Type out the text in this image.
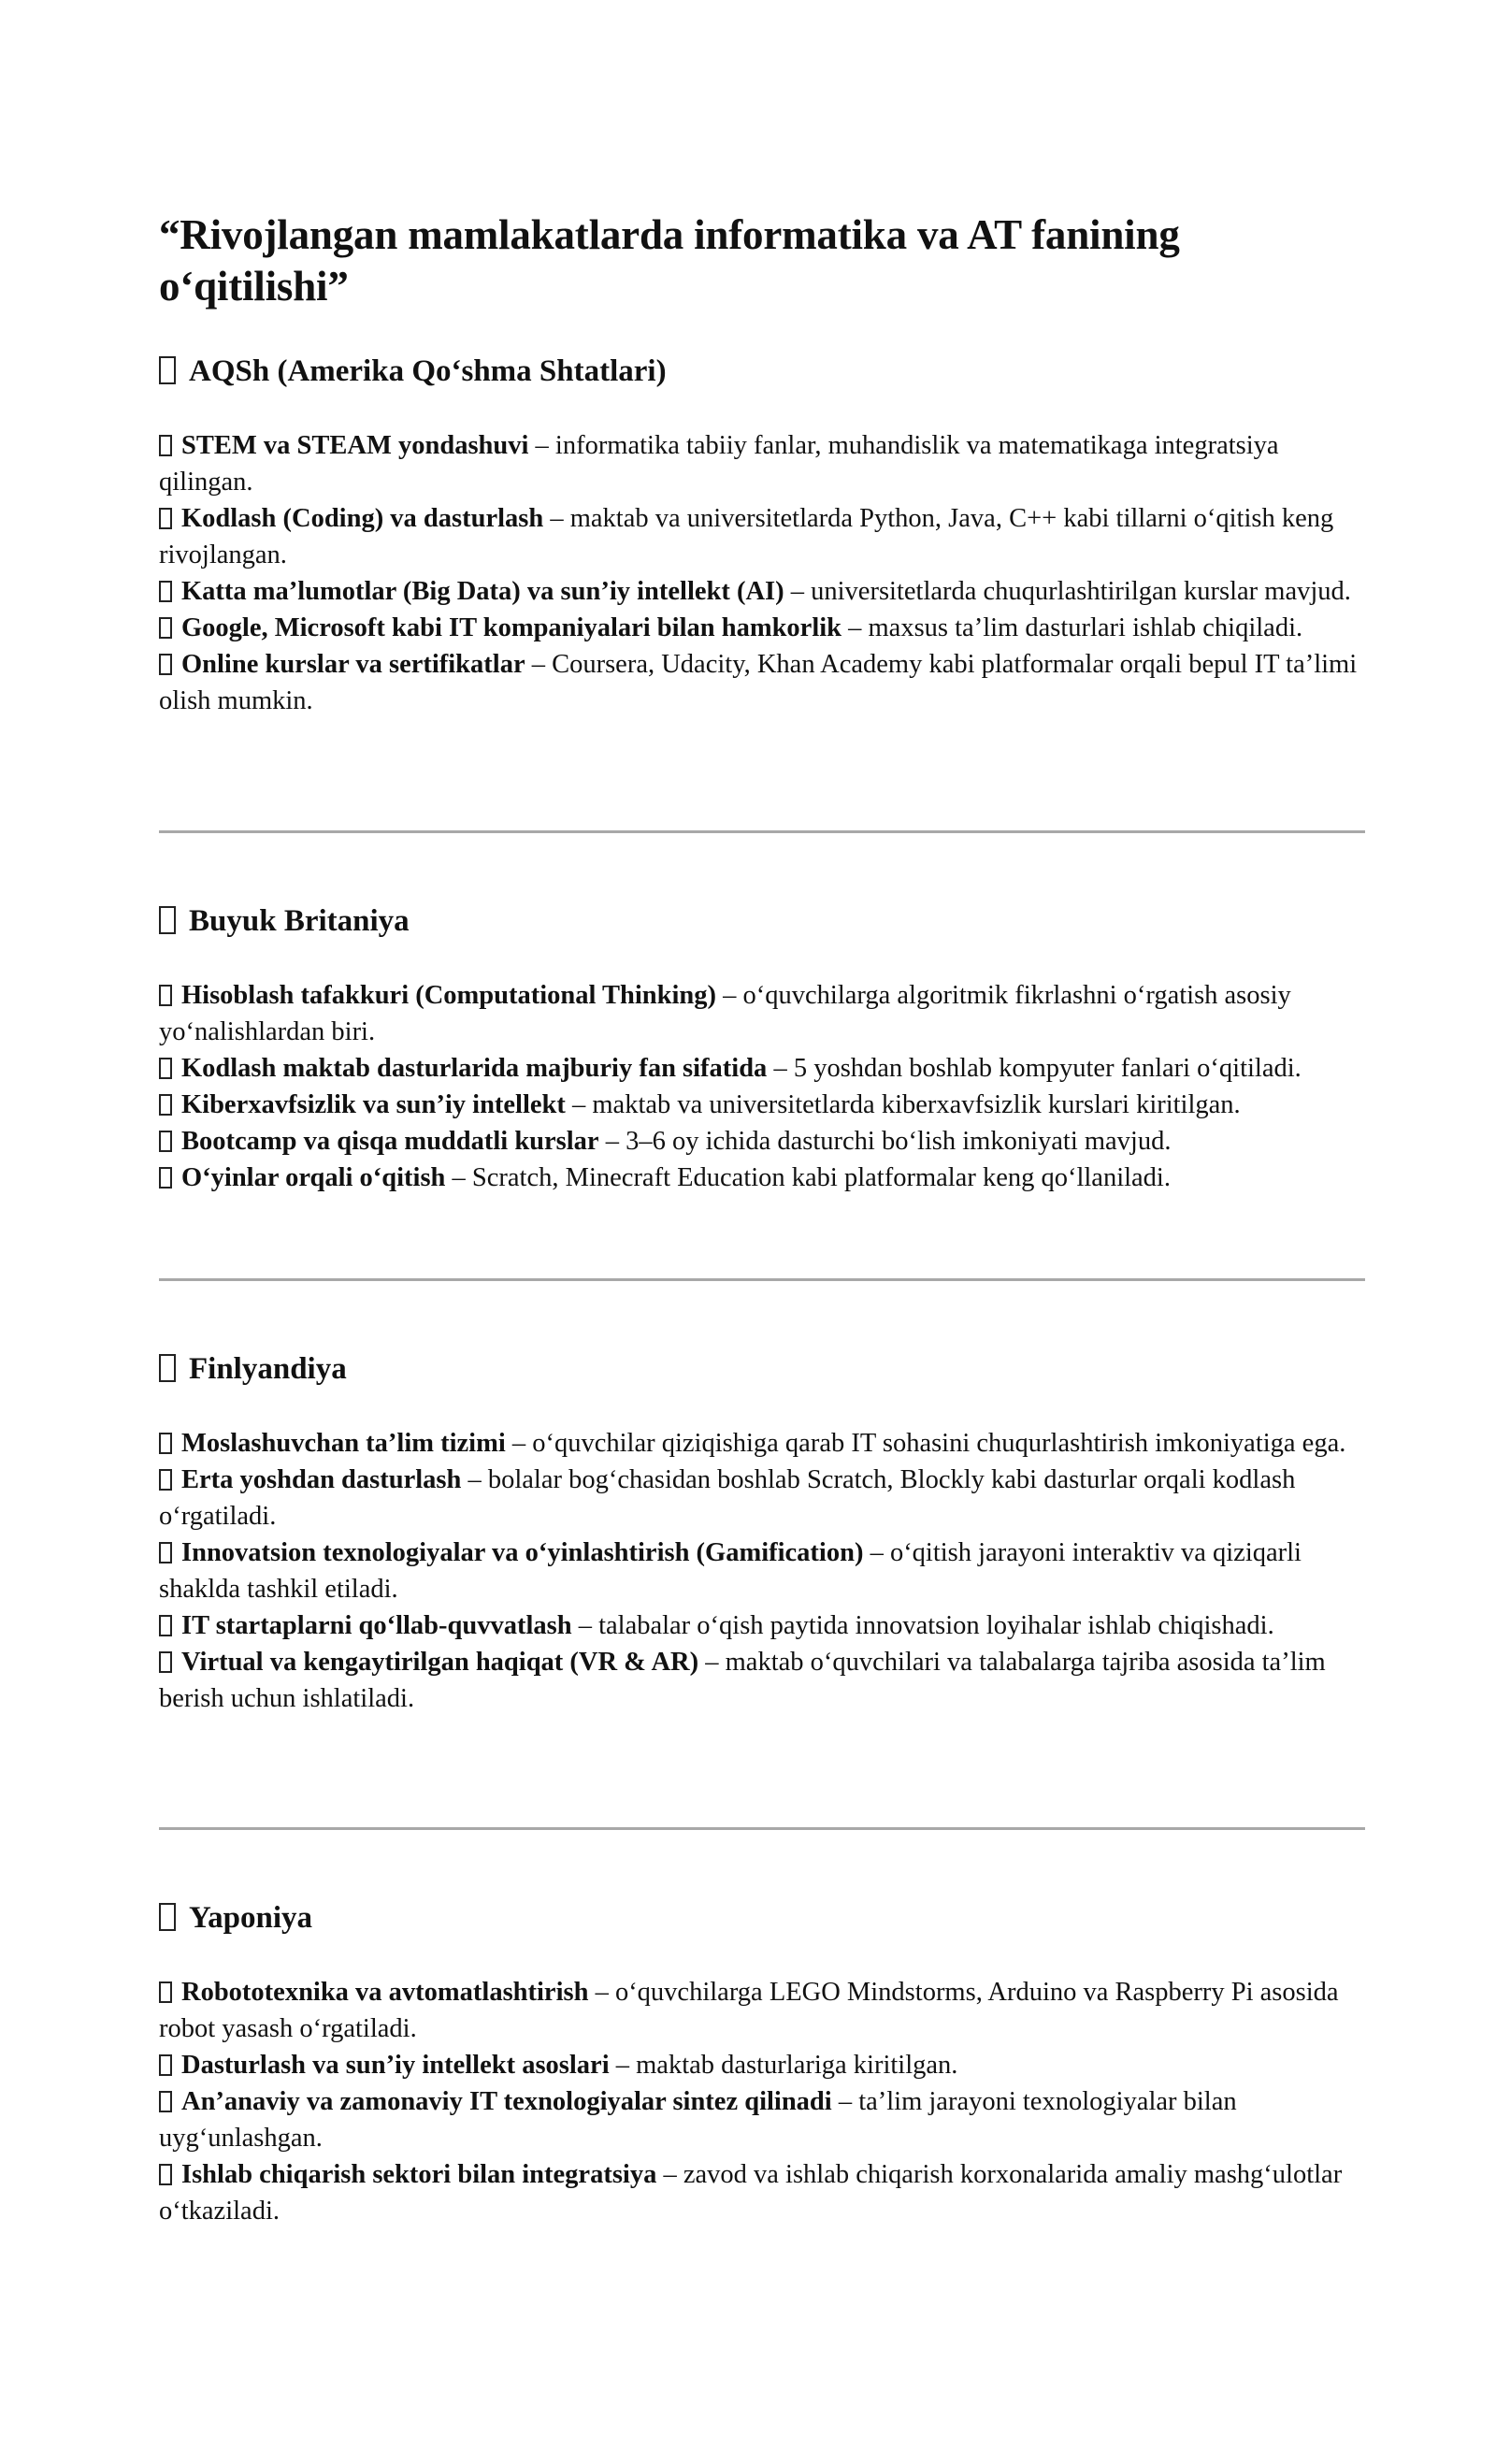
“Rivojlangan mamlakatlarda informatika va AT fanining o‘qitilishi”
AQSh (Amerika Qo‘shma Shtatlari)

STEM va STEAM yondashuvi – informatika tabiiy fanlar, muhandislik va matematikaga integratsiya qilingan.

Kodlash (Coding) va dasturlash – maktab va universitetlarda Python, Java, C++ kabi tillarni o‘qitish keng rivojlangan.

Katta ma’lumotlar (Big Data) va sun’iy intellekt (AI) – universitetlarda chuqurlashtirilgan kurslar mavjud.

Google, Microsoft kabi IT kompaniyalari bilan hamkorlik – maxsus ta’lim dasturlari ishlab chiqiladi.

Online kurslar va sertifikatlar – Coursera, Udacity, Khan Academy kabi platformalar orqali bepul IT ta’limi olish mumkin.

Buyuk Britaniya

Hisoblash tafakkuri (Computational Thinking) – o‘quvchilarga algoritmik fikrlashni o‘rgatish asosiy yo‘nalishlardan biri.

Kodlash maktab dasturlarida majburiy fan sifatida – 5 yoshdan boshlab kompyuter fanlari o‘qitiladi.

Kiberxavfsizlik va sun’iy intellekt – maktab va universitetlarda kiberxavfsizlik kurslari kiritilgan.

Bootcamp va qisqa muddatli kurslar – 3–6 oy ichida dasturchi bo‘lish imkoniyati mavjud.

O‘yinlar orqali o‘qitish – Scratch, Minecraft Education kabi platformalar keng qo‘llaniladi.

Finlyandiya

Moslashuvchan ta’lim tizimi – o‘quvchilar qiziqishiga qarab IT sohasini chuqurlashtirish imkoniyatiga ega.

Erta yoshdan dasturlash – bolalar bog‘chasidan boshlab Scratch, Blockly kabi dasturlar orqali kodlash o‘rgatiladi.

Innovatsion texnologiyalar va o‘yinlashtirish (Gamification) – o‘qitish jarayoni interaktiv va qiziqarli shaklda tashkil etiladi.

IT startaplarni qo‘llab-quvvatlash – talabalar o‘qish paytida innovatsion loyihalar ishlab chiqishadi.

Virtual va kengaytirilgan haqiqat (VR & AR) – maktab o‘quvchilari va talabalarga tajriba asosida ta’lim berish uchun ishlatiladi.

Yaponiya

Robototexnika va avtomatlashtirish – o‘quvchilarga LEGO Mindstorms, Arduino va Raspberry Pi asosida robot yasash o‘rgatiladi.

Dasturlash va sun’iy intellekt asoslari – maktab dasturlariga kiritilgan.

An’anaviy va zamonaviy IT texnologiyalar sintez qilinadi – ta’lim jarayoni texnologiyalar bilan uyg‘unlashgan.

Ishlab chiqarish sektori bilan integratsiya – zavod va ishlab chiqarish korxonalarida amaliy mashg‘ulotlar o‘tkaziladi.
